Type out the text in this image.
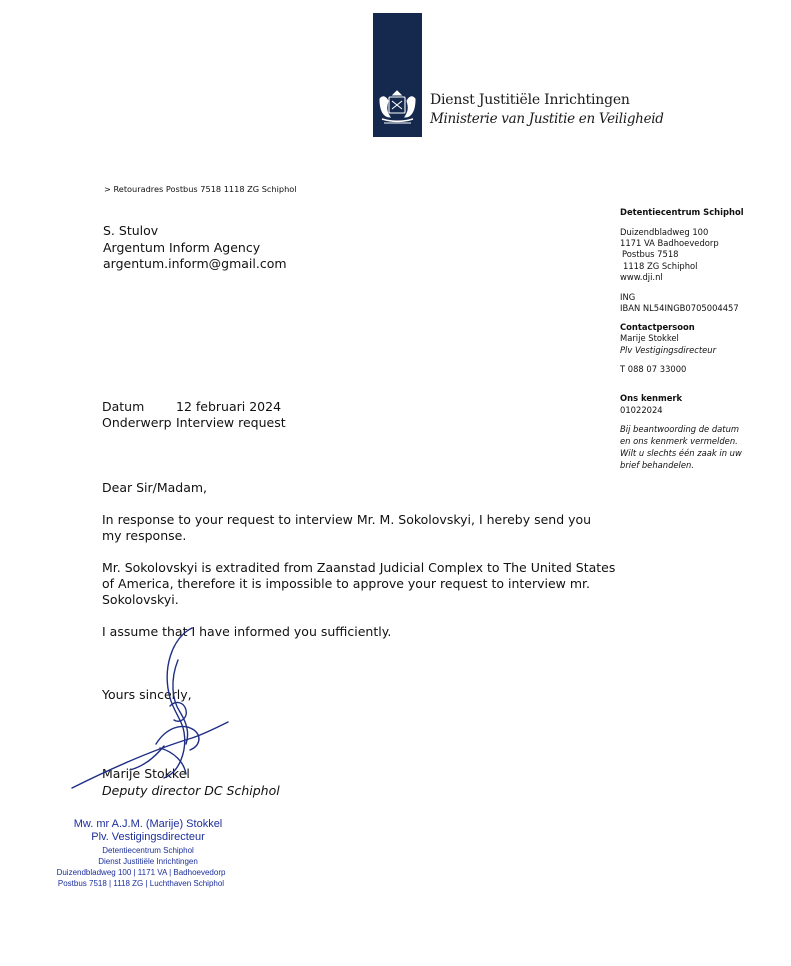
Dienst Justitiële Inrichtingen
Ministerie van Justitie en Veiligheid
> Retouradres Postbus 7518 1118 ZG Schiphol
S. Stulov
Argentum Inform Agency
argentum.inform@gmail.com
Detentiecentrum Schiphol
Duizendbladweg 100
1171 VA Badhoevedorp
Postbus 7518
1118 ZG Schiphol
www.dji.nl
ING
IBAN NL54INGB0705004457
Contactpersoon
Marije Stokkel
Plv Vestigingsdirecteur
T 088 07 33000
Ons kenmerk
01022024
Bij beantwoording de datum
en ons kenmerk vermelden.
Wilt u slechts één zaak in uw
brief behandelen.
Datum	12 februari 2024
Onderwerp Interview request
Dear Sir/Madam,
In response to your request to interview Mr. M. Sokolovskyi, I hereby send you
my response.
Mr. Sokolovskyi is extradited from Zaanstad Judicial Complex to The United States
of America, therefore it is impossible to approve your request to interview mr.
Sokolovskyi.
I assume that I have informed you sufficiently.
Yours sincerly,
Marije Stokkel
Deputy director DC Schiphol
Mw. mr A.J.M. (Marije) Stokkel
Plv. Vestigingsdirecteur
Detentiecentrum Schiphol
Dienst Justitiële Inrichtingen
Duizendbladweg 100 | 1171 VA | Badhoevedorp
Postbus 7518 | 1118 ZG | Luchthaven Schiphol
